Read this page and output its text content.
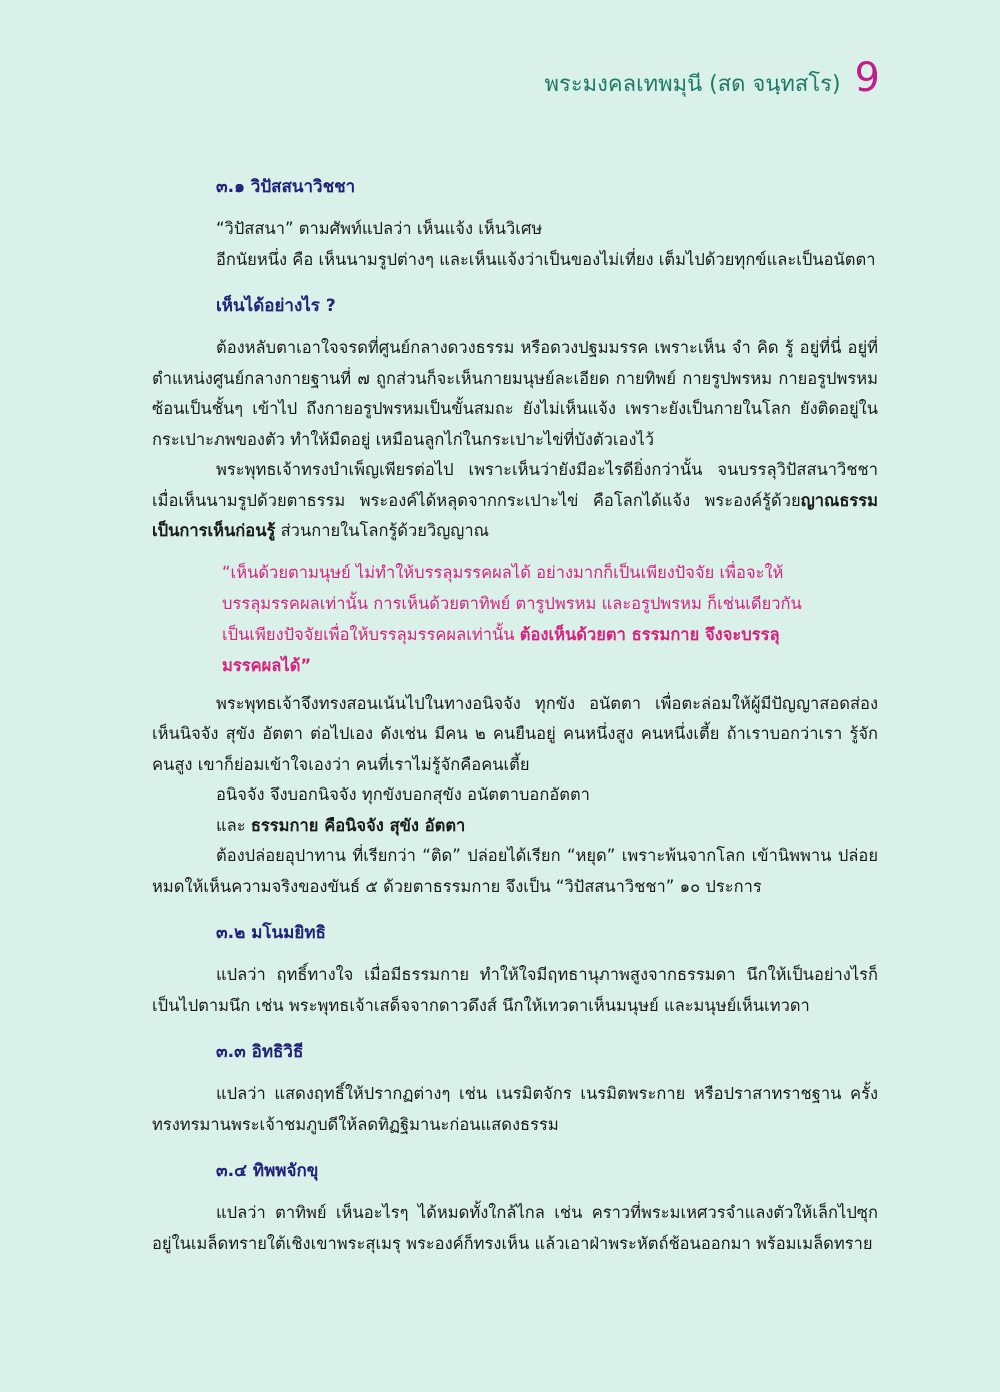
พระมงคลเทพมุนี (สด จนฺทสโร) 9
๓.๑ วิปัสสนาวิชชา

“วิปัสสนา” ตามศัพท์แปลว่า เห็นแจ้ง เห็นวิเศษ

อีกนัยหนึ่ง คือ เห็นนามรูปต่างๆ และเห็นแจ้งว่าเป็นของไม่เที่ยง เต็มไปด้วยทุกข์และเป็นอนัตตา

เห็นได้อย่างไร ?

ต้องหลับตาเอาใจจรดที่ศูนย์กลางดวงธรรม หรือดวงปฐมมรรค เพราะเห็น จำ คิด รู้ อยู่ที่นี่ อยู่ที่ตำแหน่งศูนย์กลางกายฐานที่ ๗ ถูกส่วนก็จะเห็นกายมนุษย์ละเอียด กายทิพย์ กายรูปพรหม กายอรูปพรหม ซ้อนเป็นชั้นๆ เข้าไป ถึงกายอรูปพรหมเป็นขั้นสมถะ ยังไม่เห็นแจ้ง เพราะยังเป็นกายในโลก ยังติดอยู่ในกระเปาะภพของตัว ทำให้มืดอยู่ เหมือนลูกไก่ในกระเปาะไข่ที่บังตัวเองไว้

พระพุทธเจ้าทรงบำเพ็ญเพียรต่อไป เพราะเห็นว่ายังมีอะไรดียิ่งกว่านั้น จนบรรลุวิปัสสนาวิชชา เมื่อเห็นนามรูปด้วยตาธรรม พระองค์ได้หลุดจากกระเปาะไข่ คือโลกได้แจ้ง พระองค์รู้ด้วยญาณธรรมเป็นการเห็นก่อนรู้ ส่วนกายในโลกรู้ด้วยวิญญาณ

“เห็นด้วยตามนุษย์ ไม่ทำให้บรรลุมรรคผลได้ อย่างมากก็เป็นเพียงปัจจัย เพื่อจะให้บรรลุมรรคผลเท่านั้น การเห็นด้วยตาทิพย์ ตารูปพรหม และอรูปพรหม ก็เช่นเดียวกัน เป็นเพียงปัจจัยเพื่อให้บรรลุมรรคผลเท่านั้น ต้องเห็นด้วยตา ธรรมกาย จึงจะบรรลุมรรคผลได้”

พระพุทธเจ้าจึงทรงสอนเน้นไปในทางอนิจจัง ทุกขัง อนัตตา เพื่อตะล่อมให้ผู้มีปัญญาสอดส่องเห็นนิจจัง สุขัง อัตตา ต่อไปเอง ดังเช่น มีคน ๒ คนยืนอยู่ คนหนึ่งสูง คนหนึ่งเตี้ย ถ้าเราบอกว่าเรา รู้จักคนสูง เขาก็ย่อมเข้าใจเองว่า คนที่เราไม่รู้จักคือคนเตี้ย

อนิจจัง จึงบอกนิจจัง ทุกขังบอกสุขัง อนัตตาบอกอัตตา

และ ธรรมกาย คือนิจจัง สุขัง อัตตา

ต้องปล่อยอุปาทาน ที่เรียกว่า “ติด” ปล่อยได้เรียก “หยุด” เพราะพ้นจากโลก เข้านิพพาน ปล่อยหมดให้เห็นความจริงของขันธ์ ๕ ด้วยตาธรรมกาย จึงเป็น “วิปัสสนาวิชชา” ๑๐ ประการ

๓.๒ มโนมยิทธิ

แปลว่า ฤทธิ์ทางใจ เมื่อมีธรรมกาย ทำให้ใจมีฤทธานุภาพสูงจากธรรมดา นึกให้เป็นอย่างไรก็เป็นไปตามนึก เช่น พระพุทธเจ้าเสด็จจากดาวดึงส์ นึกให้เทวดาเห็นมนุษย์ และมนุษย์เห็นเทวดา

๓.๓ อิทธิวิธี

แปลว่า แสดงฤทธิ์ให้ปรากฏต่างๆ เช่น เนรมิตจักร เนรมิตพระกาย หรือปราสาทราชฐาน ครั้งทรงทรมานพระเจ้าชมภูบดีให้ลดทิฏฐิมานะก่อนแสดงธรรม

๓.๔ ทิพพจักขุ

แปลว่า ตาทิพย์ เห็นอะไรๆ ได้หมดทั้งใกล้ไกล เช่น คราวที่พระมเหศวรจำแลงตัวให้เล็กไปซุก อยู่ในเมล็ดทรายใต้เชิงเขาพระสุเมรุ พระองค์ก็ทรงเห็น แล้วเอาฝ่าพระหัตถ์ช้อนออกมา พร้อมเมล็ดทราย
